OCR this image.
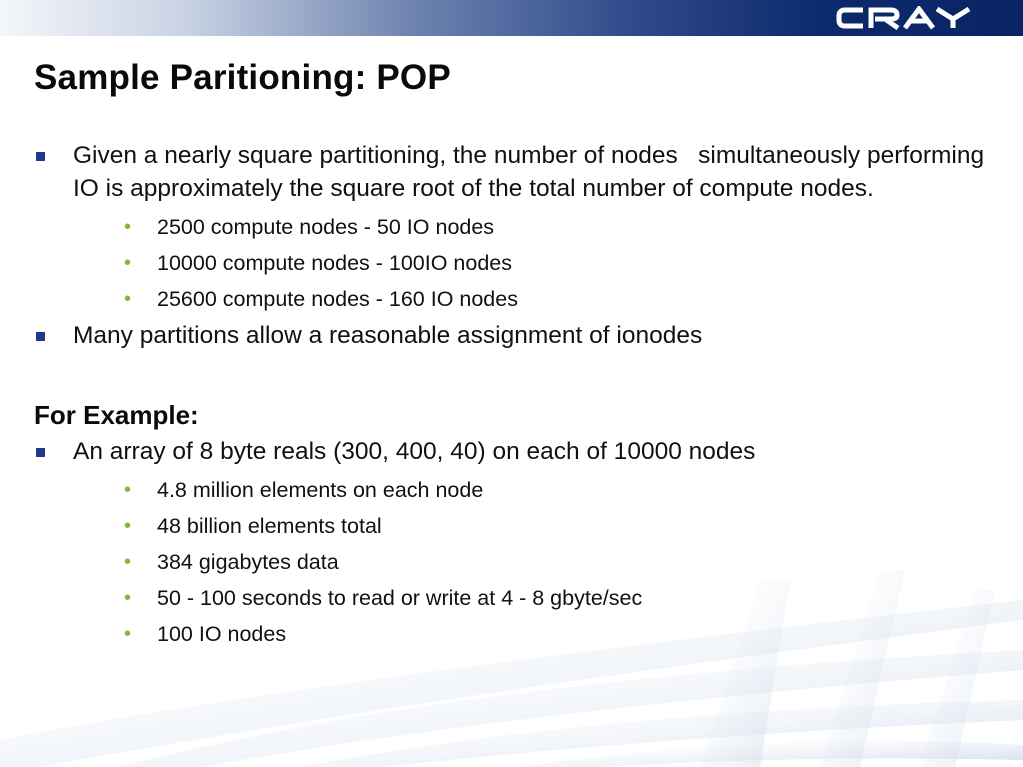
CRAY
Sample Paritioning: POP
Given a nearly square partitioning, the number of nodes   simultaneously performing IO is approximately the square root of the total number of compute nodes.
• 2500 compute nodes - 50 IO nodes
• 10000 compute nodes - 100IO nodes
• 25600 compute nodes - 160 IO nodes
Many partitions allow a reasonable assignment of ionodes
For Example:
An array of 8 byte reals (300, 400, 40) on each of 10000 nodes
• 4.8 million elements on each node
• 48 billion elements total
• 384 gigabytes data
• 50 - 100 seconds to read or write at 4 - 8 gbyte/sec
• 100 IO nodes
